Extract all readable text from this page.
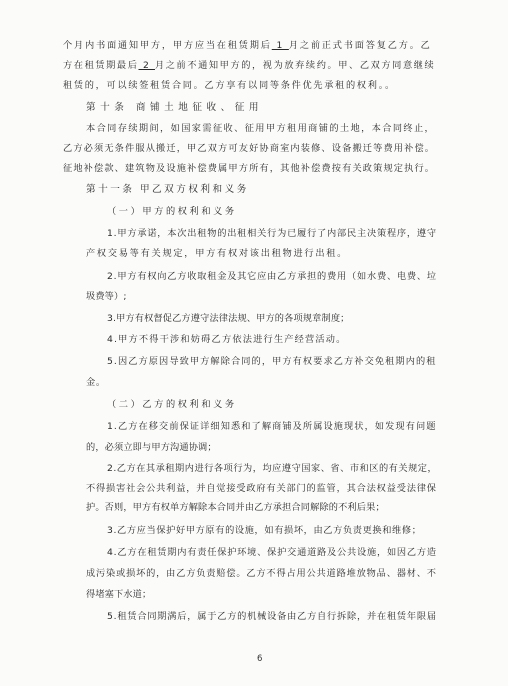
个月内书面通知甲方，甲方应当在租赁期后 1 月之前正式书面答复乙方。乙
方在租赁期最后 2 月之前不通知甲方的，视为放弃续约。甲、乙双方同意继续
租赁的，可以续签租赁合同。乙方享有以同等条件优先承租的权利。。
第十条 商铺土地征收、征用
本合同存续期间，如国家需征收、征用甲方租用商铺的土地，本合同终止，
乙方必须无条件服从搬迁，甲乙双方可友好协商室内装修、设备搬迁等费用补偿。
征地补偿款、建筑物及设施补偿费属甲方所有，其他补偿费按有关政策规定执行。
第十一条 甲乙双方权利和义务
（一）甲方的权利和义务
1.甲方承诺，本次出租物的出租相关行为已履行了内部民主决策程序，遵守
产权交易等有关规定，甲方有权对该出租物进行出租。
2.甲方有权向乙方收取租金及其它应由乙方承担的费用（如水费、电费、垃
圾费等）;
3.甲方有权督促乙方遵守法律法规、甲方的各项规章制度；
4.甲方不得干涉和妨碍乙方依法进行生产经营活动。
5.因乙方原因导致甲方解除合同的，甲方有权要求乙方补交免租期内的租
金。
（二）乙方的权利和义务
1.乙方在移交前保证详细知悉和了解商铺及所属设施现状，如发现有问题
的，必须立即与甲方沟通协调；
2.乙方在其承租期内进行各项行为，均应遵守国家、省、市和区的有关规定，
不得损害社会公共利益，并自觉接受政府有关部门的监管，其合法权益受法律保
护。否则，甲方有权单方解除本合同并由乙方承担合同解除的不利后果；
3.乙方应当保护好甲方原有的设施，如有损坏，由乙方负责更换和维修；
4.乙方在租赁期内有责任保护环境、保护交通道路及公共设施，如因乙方造
成污染或损坏的，由乙方负责赔偿。乙方不得占用公共道路堆放物品、器材、不
得堵塞下水道；
5.租赁合同期满后，属于乙方的机械设备由乙方自行拆除，并在租赁年限届
6
